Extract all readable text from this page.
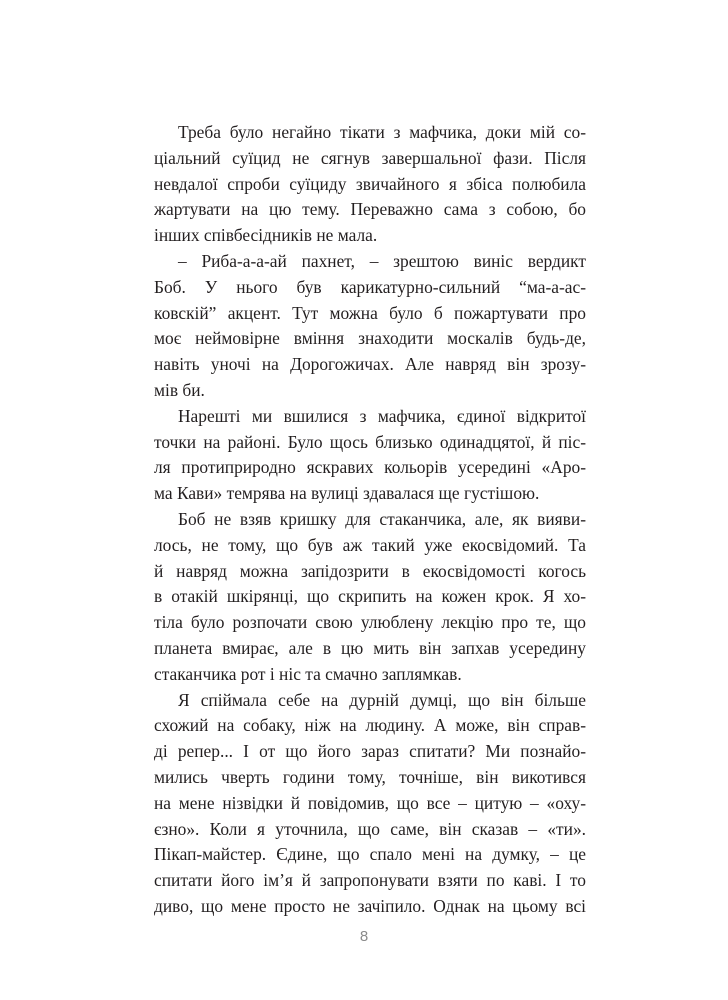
Треба було негайно тікати з мафчика, доки мій со-
ціальний суїцид не сягнув завершальної фази. Після
невдалої спроби суїциду звичайного я збіса полюбила
жартувати на цю тему. Переважно сама з собою, бо
інших співбесідників не мала.
– Риба-а-а-ай пахнет, – зрештою виніс вердикт
Боб. У нього був карикатурно-сильний “ма-а-ас-
ковскій” акцент. Тут можна було б пожартувати про
моє неймовірне вміння знаходити москалів будь-де,
навіть уночі на Дорогожичах. Але навряд він зрозу-
мів би.
Нарешті ми вшилися з мафчика, єдиної відкритої
точки на районі. Було щось близько одинадцятої, й піс-
ля протиприродно яскравих кольорів усередині «Аро-
ма Кави» темрява на вулиці здавалася ще густішою.
Боб не взяв кришку для стаканчика, але, як вияви-
лось, не тому, що був аж такий уже екосвідомий. Та
й навряд можна запідозрити в екосвідомості когось
в отакій шкірянці, що скрипить на кожен крок. Я хо-
тіла було розпочати свою улюблену лекцію про те, що
планета вмирає, але в цю мить він запхав усередину
стаканчика рот і ніс та смачно заплямкав.
Я спіймала себе на дурній думці, що він більше
схожий на собаку, ніж на людину. А може, він справ-
ді репер... І от що його зараз спитати? Ми познайо-
мились чверть години тому, точніше, він викотився
на мене нізвідки й повідомив, що все – цитую – «оху-
єзно». Коли я уточнила, що саме, він сказав – «ти».
Пікап-майстер. Єдине, що спало мені на думку, – це
спитати його ім’я й запропонувати взяти по каві. І то
диво, що мене просто не зачіпило. Однак на цьому всі
8
